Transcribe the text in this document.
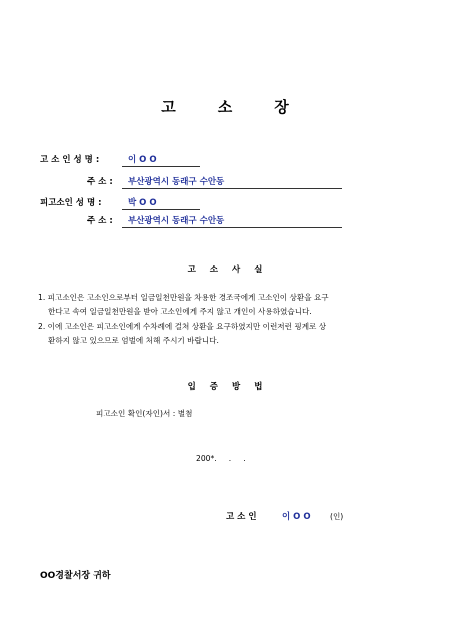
고	소	장
고 소 인 성 명 :	이 O O
주 소 : 부산광역시 동래구 수안동
피고소인 성 명 :	박 O O
주 소 : 부산광역시 동래구 수안동
고 소 사 실
1. 피고소인은 고소인으로부터 일금일천만원을 차용한 경조국에게 고소인이 상환을 요구
한다고 속여 일금일천만원을 받아 고소인에게 주지 않고 개인이 사용하였습니다.
2. 이에 고소인은 피고소인에게 수차례에 걸쳐 상환을 요구하였지만 이런저런 핑계로 상
환하지 않고 있으므로 엄벌에 처해 주시기 바랍니다.
입 증 방 법
피고소인 확인(자인)서 : 별첨
200*.     .     .
고 소 인	이 O O	(인)
OO경찰서장 귀하
